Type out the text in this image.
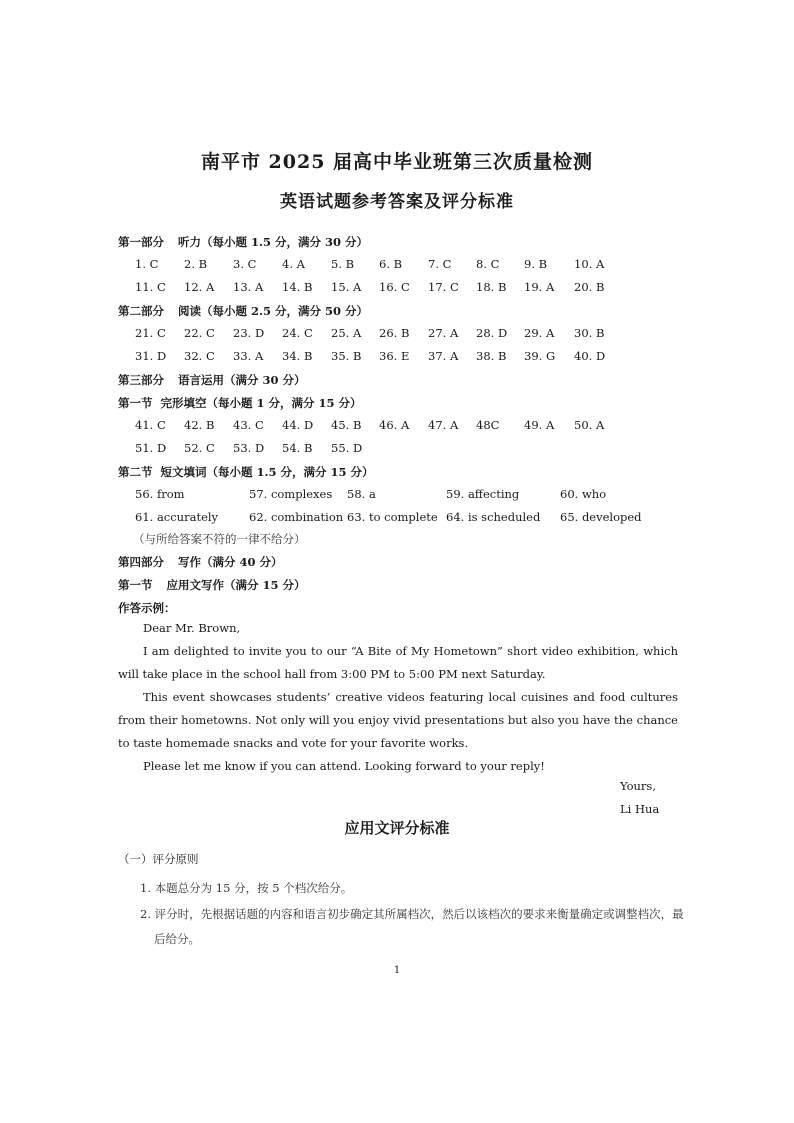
南平市 2025 届高中毕业班第三次质量检测
英语试题参考答案及评分标准
第一部分 听力（每小题 1.5 分，满分 30 分）
1. C 2. B 3. C 4. A 5. B 6. B 7. C 8. C 9. B 10. A
11. C 12. A 13. A 14. B 15. A 16. C 17. C 18. B 19. A 20. B
第二部分 阅读（每小题 2.5 分，满分 50 分）
21. C 22. C 23. D 24. C 25. A 26. B 27. A 28. D 29. A 30. B
31. D 32. C 33. A 34. B 35. B 36. E 37. A 38. B 39. G 40. D
第三部分 语言运用（满分 30 分）
第一节 完形填空（每小题 1 分，满分 15 分）
41. C 42. B 43. C 44. D 45. B 46. A 47. A 48C 49. A 50. A
51. D 52. C 53. D 54. B 55. D
第二节 短文填词（每小题 1.5 分，满分 15 分）
56. from	57. complexes 58. a	59. affecting	60. who
61. accurately	62. combination 63. to complete 64. is scheduled 65. developed
（与所给答案不符的一律不给分）
第四部分 写作（满分 40 分）
第一节 应用文写作（满分 15 分）
作答示例：

Dear Mr. Brown,

I am delighted to invite you to our “A Bite of My Hometown” short video exhibition, which will take place in the school hall from 3:00 PM to 5:00 PM next Saturday.

This event showcases students’ creative videos featuring local cuisines and food cultures from their hometowns. Not only will you enjoy vivid presentations but also you have the chance to taste homemade snacks and vote for your favorite works.

Please let me know if you can attend. Looking forward to your reply!

Yours,
Li Hua
应用文评分标准
（一）评分原则
1. 本题总分为 15 分，按 5 个档次给分。
2. 评分时，先根据话题的内容和语言初步确定其所属档次，然后以该档次的要求来衡量确定或调整档次，最后给分。
1
